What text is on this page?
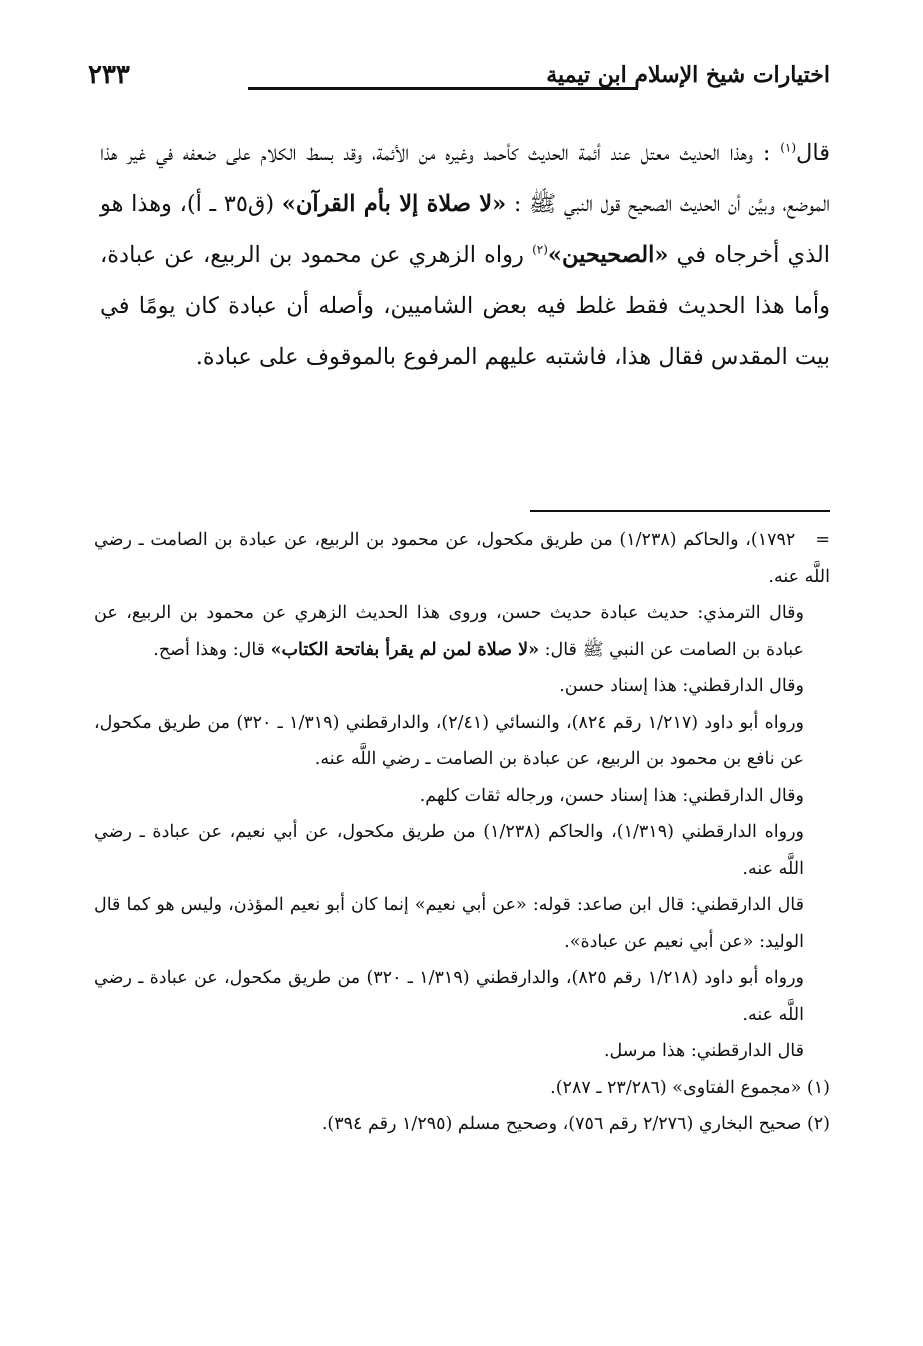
٢٣٣	اختيارات شيخ الإسلام ابن تيمية

قال$^{(١)}$ : وهذا الحديث معتل عند أئمة الحديث كأحمد وغيره من الأئمة، وقد بسط الكلام على ضعفه في غير هذا الموضع، وبيَّن أن الحديث الصحيح قول النبي ﷺ : «لا صلاة إلا بأم القرآن» (ق٣٥ ـ أ)، وهذا هو الذي أخرجاه في «الصحيحين»$^{(٢)}$ رواه الزهري عن محمود بن الربيع، عن عبادة، وأما هذا الحديث فقط غلط فيه بعض الشاميين، وأصله أن عبادة كان يومًا في بيت المقدس فقال هذا، فاشتبه عليهم المرفوع بالموقوف على عبادة.

=١٧٩٢)، والحاكم (١/٢٣٨) من طريق مكحول، عن محمود بن الربيع، عن عبادة بن الصامت ـ رضي اللَّه عنه.

وقال الترمذي: حديث عبادة حديث حسن، وروى هذا الحديث الزهري عن محمود بن الربيع، عن عبادة بن الصامت عن النبي ﷺ قال: «لا صلاة لمن لم يقرأ بفاتحة الكتاب» قال: وهذا أصح.

وقال الدارقطني: هذا إسناد حسن.

ورواه أبو داود (١/٢١٧ رقم ٨٢٤)، والنسائي (٢/٤١)، والدارقطني (١/٣١٩ ـ ٣٢٠) من طريق مكحول، عن نافع بن محمود بن الربيع، عن عبادة بن الصامت ـ رضي اللَّه عنه.

وقال الدارقطني: هذا إسناد حسن، ورجاله ثقات كلهم.

ورواه الدارقطني (١/٣١٩)، والحاكم (١/٢٣٨) من طريق مكحول، عن أبي نعيم، عن عبادة ـ رضي اللَّه عنه.

قال الدارقطني: قال ابن صاعد: قوله: «عن أبي نعيم» إنما كان أبو نعيم المؤذن، وليس هو كما قال الوليد: «عن أبي نعيم عن عبادة».

ورواه أبو داود (١/٢١٨ رقم ٨٢٥)، والدارقطني (١/٣١٩ ـ ٣٢٠) من طريق مكحول، عن عبادة ـ رضي اللَّه عنه.

قال الدارقطني: هذا مرسل.

(١) «مجموع الفتاوى» (٢٣/٢٨٦ ـ ٢٨٧).

(٢) صحيح البخاري (٢/٢٧٦ رقم ٧٥٦)، وصحيح مسلم (١/٢٩٥ رقم ٣٩٤).
